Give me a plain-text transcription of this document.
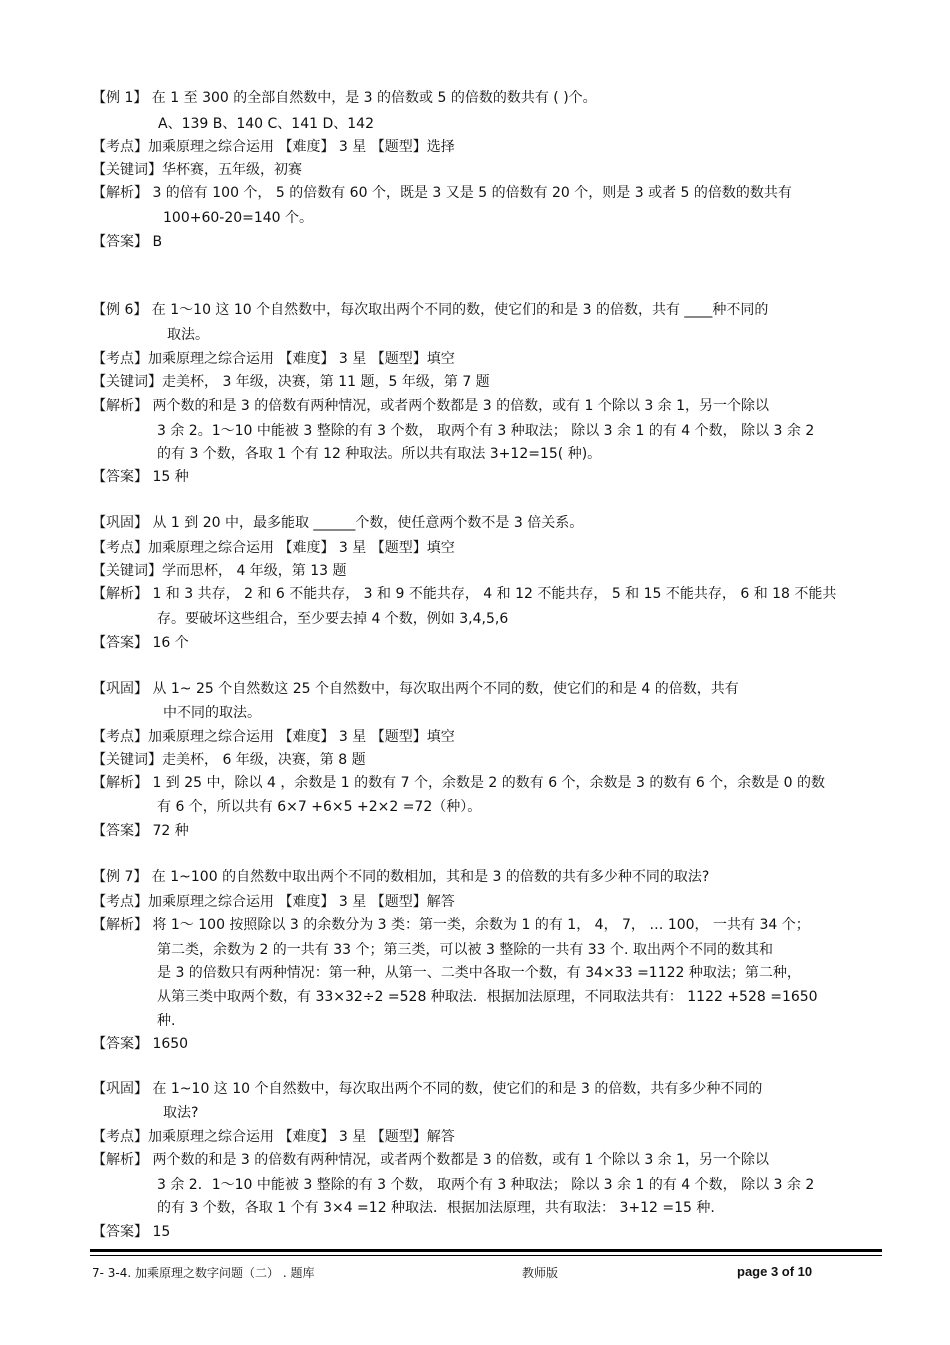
【例 1】 在 1 至 300 的全部自然数中，是 3 的倍数或 5 的倍数的数共有 ( )个。
A、139 B、140 C、141 D、142
【考点】加乘原理之综合运用 【难度】 3 星 【题型】选择
【关键词】华杯赛，五年级，初赛
【解析】 3 的倍有 100 个， 5 的倍数有 60 个，既是 3 又是 5 的倍数有 20 个，则是 3 或者 5 的倍数的数共有
100+60-20=140 个。
【答案】 B
【例 6】 在 1～10 这 10 个自然数中，每次取出两个不同的数，使它们的和是 3 的倍数，共有 ____种不同的
取法。
【考点】加乘原理之综合运用 【难度】 3 星 【题型】填空
【关键词】走美杯， 3 年级，决赛，第 11 题，5 年级，第 7 题
【解析】 两个数的和是 3 的倍数有两种情况，或者两个数都是 3 的倍数，或有 1 个除以 3 余 1，另一个除以
3 余 2。1～10 中能被 3 整除的有 3 个数， 取两个有 3 种取法； 除以 3 余 1 的有 4 个数， 除以 3 余 2
的有 3 个数，各取 1 个有 12 种取法。所以共有取法 3+12=15( 种)。
【答案】 15 种
【巩固】 从 1 到 20 中，最多能取 ______个数，使任意两个数不是 3 倍关系。
【考点】加乘原理之综合运用 【难度】 3 星 【题型】填空
【关键词】学而思杯， 4 年级，第 13 题
【解析】 1 和 3 共存， 2 和 6 不能共存， 3 和 9 不能共存， 4 和 12 不能共存， 5 和 15 不能共存， 6 和 18 不能共
存。要破坏这些组合，至少要去掉 4 个数，例如 3,4,5,6
【答案】 16 个
【巩固】 从 1~ 25 个自然数这 25 个自然数中，每次取出两个不同的数，使它们的和是 4 的倍数，共有
中不同的取法。
【考点】加乘原理之综合运用 【难度】 3 星 【题型】填空
【关键词】走美杯， 6 年级，决赛，第 8 题
【解析】 1 到 25 中，除以 4 ，余数是 1 的数有 7 个，余数是 2 的数有 6 个，余数是 3 的数有 6 个，余数是 0 的数
有 6 个，所以共有 6×7 +6×5 +2×2 =72（种）。
【答案】 72 种
【例 7】 在 1~100 的自然数中取出两个不同的数相加，其和是 3 的倍数的共有多少种不同的取法?
【考点】加乘原理之综合运用 【难度】 3 星 【题型】解答
【解析】 将 1～ 100 按照除以 3 的余数分为 3 类：第一类，余数为 1 的有 1， 4， 7， … 100， 一共有 34 个；
第二类，余数为 2 的一共有 33 个；第三类，可以被 3 整除的一共有 33 个. 取出两个不同的数其和
是 3 的倍数只有两种情况：第一种，从第一、二类中各取一个数，有 34×33 =1122 种取法；第二种，
从第三类中取两个数，有 33×32÷2 =528 种取法．根据加法原理，不同取法共有： 1122 +528 =1650
种.
【答案】 1650
【巩固】 在 1~10 这 10 个自然数中，每次取出两个不同的数，使它们的和是 3 的倍数，共有多少种不同的
取法?
【考点】加乘原理之综合运用 【难度】 3 星 【题型】解答
【解析】 两个数的和是 3 的倍数有两种情况，或者两个数都是 3 的倍数，或有 1 个除以 3 余 1，另一个除以
3 余 2．1～10 中能被 3 整除的有 3 个数， 取两个有 3 种取法； 除以 3 余 1 的有 4 个数， 除以 3 余 2
的有 3 个数，各取 1 个有 3×4 =12 种取法．根据加法原理，共有取法： 3+12 =15 种.
【答案】 15
7- 3-4. 加乘原理之数字问题（二） . 题库	教师版	page 3 of 10
